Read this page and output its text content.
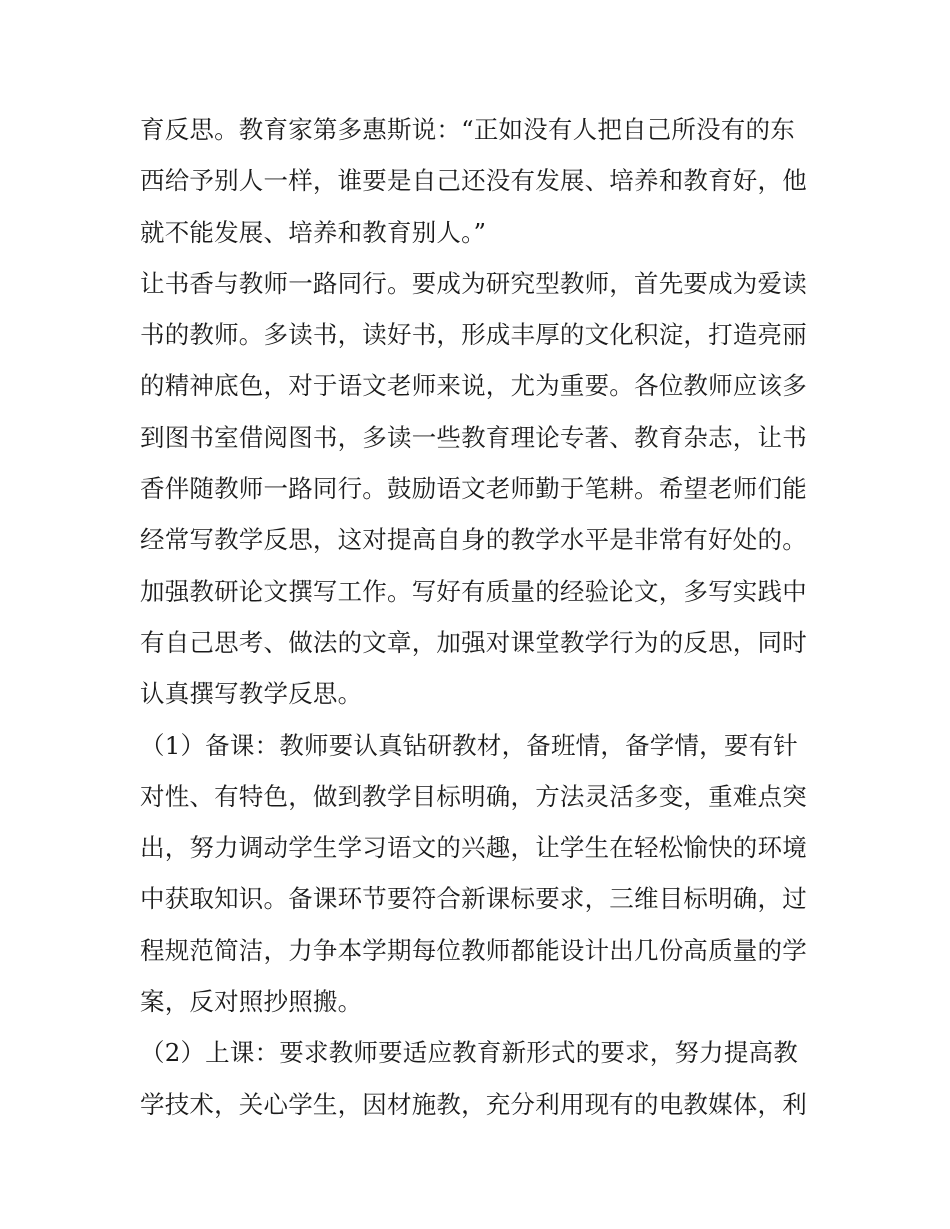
育反思。教育家第多惠斯说：“正如没有人把自己所没有的东
西给予别人一样，谁要是自己还没有发展、培养和教育好，他
就不能发展、培养和教育别人。”
让书香与教师一路同行。要成为研究型教师，首先要成为爱读
书的教师。多读书，读好书，形成丰厚的文化积淀，打造亮丽
的精神底色，对于语文老师来说，尤为重要。各位教师应该多
到图书室借阅图书，多读一些教育理论专著、教育杂志，让书
香伴随教师一路同行。鼓励语文老师勤于笔耕。希望老师们能
经常写教学反思，这对提高自身的教学水平是非常有好处的。
加强教研论文撰写工作。写好有质量的经验论文，多写实践中
有自己思考、做法的文章，加强对课堂教学行为的反思，同时
认真撰写教学反思。
（1）备课：教师要认真钻研教材，备班情，备学情，要有针
对性、有特色，做到教学目标明确，方法灵活多变，重难点突
出，努力调动学生学习语文的兴趣，让学生在轻松愉快的环境
中获取知识。备课环节要符合新课标要求，三维目标明确，过
程规范简洁，力争本学期每位教师都能设计出几份高质量的学
案，反对照抄照搬。
（2）上课：要求教师要适应教育新形式的要求，努力提高教
学技术，关心学生，因材施教，充分利用现有的电教媒体，利
